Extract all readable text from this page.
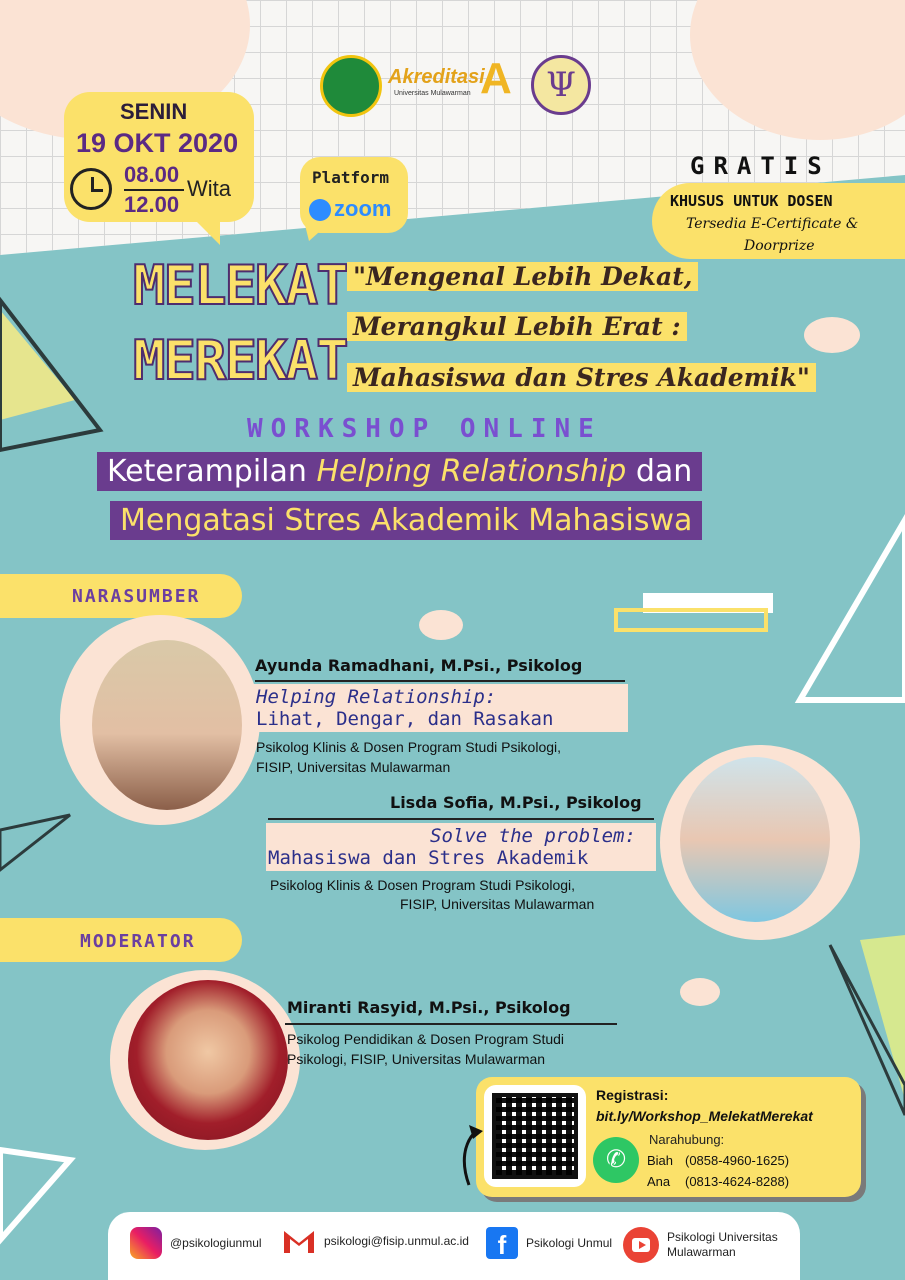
Akreditasi
A
Universitas Mulawarman	Ψ
SENIN
19 OKT 2020
08.00
12.00
Wita	Platform
zoom
GRATIS
KHUSUS UNTUK DOSEN
Tersedia E-Certificate &
Doorprize
MELEKAT
MEREKAT
"Mengenal Lebih Dekat,
Merangkul Lebih Erat :
Mahasiswa dan Stres Akademik"
WORKSHOP ONLINE
Keterampilan Helping Relationship dan
Mengatasi Stres Akademik Mahasiswa
NARASUMBER
Ayunda Ramadhani, M.Psi., Psikolog
Helping Relationship:
Lihat, Dengar, dan Rasakan
Psikolog Klinis & Dosen Program Studi Psikologi,
FISIP, Universitas Mulawarman
Lisda Sofia, M.Psi., Psikolog
Solve the problem:
Mahasiswa dan Stres Akademik
Psikolog Klinis & Dosen Program Studi Psikologi,
FISIP, Universitas Mulawarman
MODERATOR
Miranti Rasyid, M.Psi., Psikolog
Psikolog Pendidikan & Dosen Program Studi
Psikologi, FISIP, Universitas Mulawarman
Registrasi:
bit.ly/Workshop_MelekatMerekat
✆
Narahubung:
Biah (0858-4960-1625)
Ana (0813-4624-8288)
@psikologiunmul	psikologi@fisip.unmul.ac.id	f	Psikologi Unmul	Psikologi Universitas
Mulawarman
